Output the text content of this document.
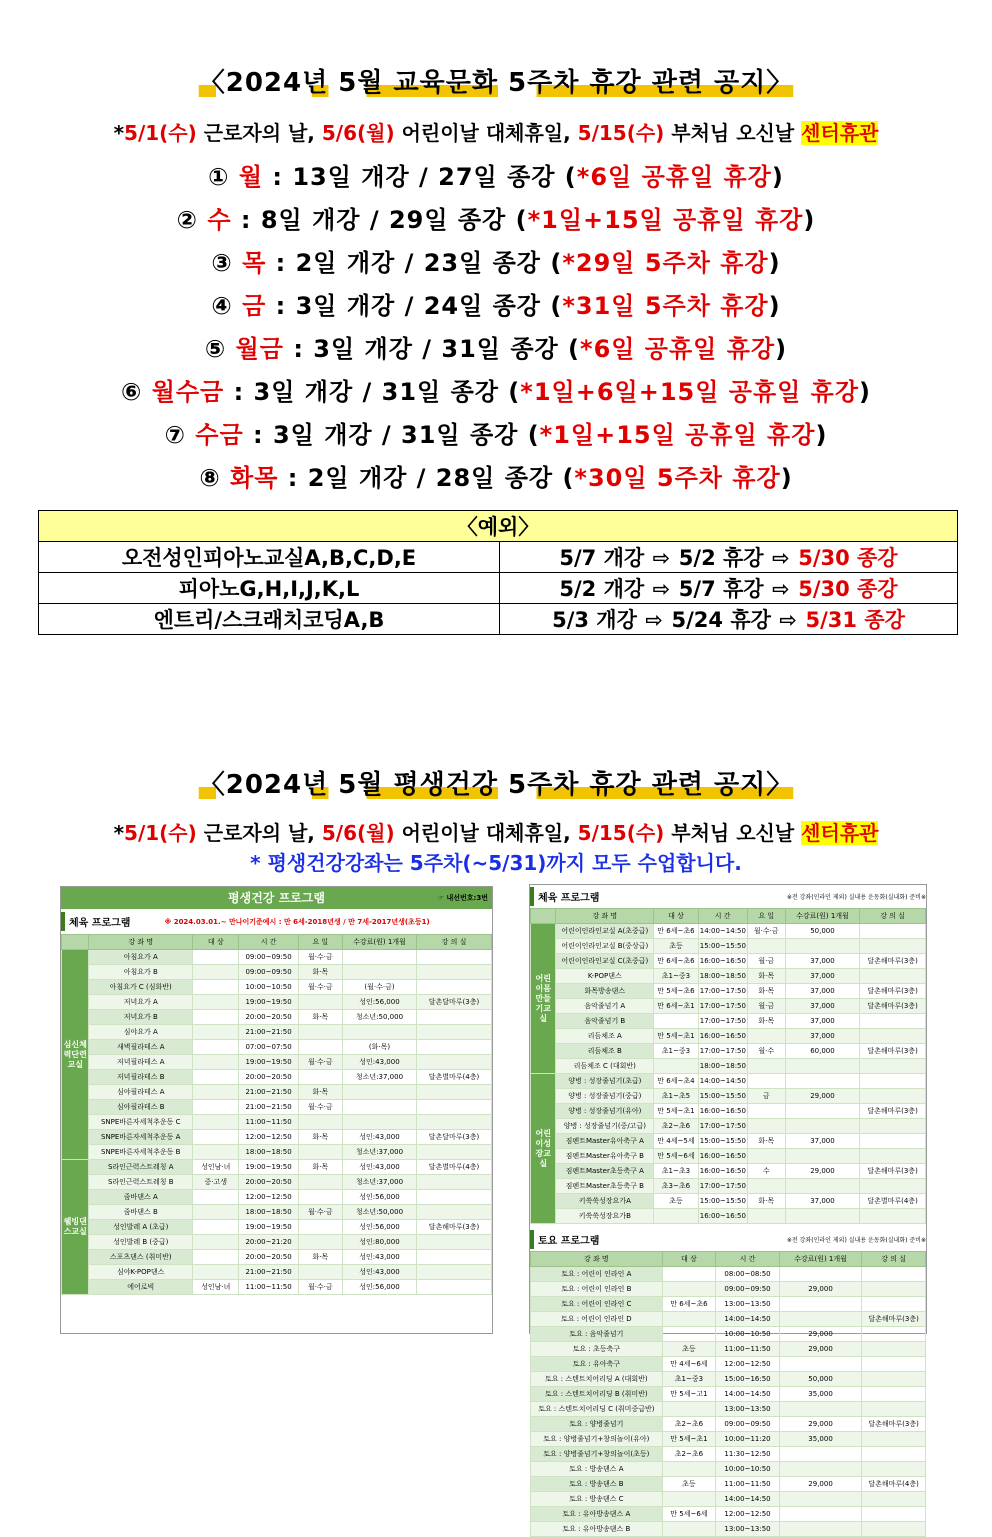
〈2024년 5월 교육문화 5주차 휴강 관련 공지〉
*5/1(수) 근로자의 날, 5/6(월) 어린이날 대체휴일, 5/15(수) 부처님 오신날 센터휴관
① 월 : 13일 개강 / 27일 종강 (*6일 공휴일 휴강)
② 수 : 8일 개강 / 29일 종강 (*1일+15일 공휴일 휴강)
③ 목 : 2일 개강 / 23일 종강 (*29일 5주차 휴강)
④ 금 : 3일 개강 / 24일 종강 (*31일 5주차 휴강)
⑤ 월금 : 3일 개강 / 31일 종강 (*6일 공휴일 휴강)
⑥ 월수금 : 3일 개강 / 31일 종강 (*1일+6일+15일 공휴일 휴강)
⑦ 수금 : 3일 개강 / 31일 종강 (*1일+15일 공휴일 휴강)
⑧ 화목 : 2일 개강 / 28일 종강 (*30일 5주차 휴강)
〈예외〉	
오전성인피아노교실A,B,C,D,E	5/7 개강 ⇨ 5/2 휴강 ⇨ 5/30 종강
피아노G,H,I,J,K,L	5/2 개강 ⇨ 5/7 휴강 ⇨ 5/30 종강
엔트리/스크래치코딩A,B	5/3 개강 ⇨ 5/24 휴강 ⇨ 5/31 종강
〈2024년 5월 평생건강 5주차 휴강 관련 공지〉
*5/1(수) 근로자의 날, 5/6(월) 어린이날 대체휴일, 5/15(수) 부처님 오신날 센터휴관
* 평생건강강좌는 5주차(~5/31)까지 모두 수업합니다.
평생건강 프로그램	☞ 내선번호:3번
체육 프로그램	※ 2024.03.01.~ 만나이기준예시 : 만 6세-2018년생 / 만 7세-2017년생(초등1)
	강 좌 명	대 상	시 간	요 일	수강료(원) 1개월	강 의 실
심신체력단련교실	아침요가 A		09:00~09:50	월·수·금		
	아침요가 B		09:00~09:50	화·목		
	아침요가 C (심화반)		10:00~10:50	월·수·금	(월·수·금)	
	저녁요가 A		19:00~19:50		성인:56,000	달촌달마루(3층)
	저녁요가 B		20:00~20:50	화·목	청소년:50,000	
	심야요가 A		21:00~21:50			
	새벽필라테스 A		07:00~07:50		(화·목)	
	저녁필라테스 A		19:00~19:50	월·수·금	성인:43,000	
	저녁필라테스 B		20:00~20:50		청소년:37,000	달촌별마루(4층)
	심야필라테스 A		21:00~21:50	화·목		
	심야필라테스 B		21:00~21:50	월·수·금		
	SNPE바른자세척추운동 C		11:00~11:50			
	SNPE바른자세척추운동 A		12:00~12:50	화·목	성인:43,000	달촌달마루(3층)
	SNPE바른자세척추운동 B		18:00~18:50		청소년:37,000	
웰빙댄스교실	S라인근력스트레칭 A	성인남·녀	19:00~19:50	화·목	성인:43,000	달촌별마루(4층)
	S라인근력스트레칭 B	중·고생	20:00~20:50		청소년:37,000	
	줌바댄스 A		12:00~12:50		성인:56,000	
	줌바댄스 B		18:00~18:50	월·수·금	청소년:50,000	
	성인발레 A (초급)		19:00~19:50		성인:56,000	달촌해마루(3층)
	성인발레 B (중급)		20:00~21:20		성인:80,000	
	스포츠댄스 (취미반)		20:00~20:50	화·목	성인:43,000	
	심야K-POP댄스		21:00~21:50		성인:43,000	
	에어로빅	성인남·녀	11:00~11:50	월·수·금	성인:56,000	
체육 프로그램	※전 강좌(인라인 제외) 실내용 운동화(실내화) 준비※
	강 좌 명	대 상	시 간	요 일	수강료(원) 1개월	강 의 실
어린이몸만들기교실	어린이인라인교실 A(초중급)	만 6세~초6	14:00~14:50	월·수·금	50,000	
	어린이인라인교실 B(중상급)	초등	15:00~15:50			
	어린이인라인교실 C(초중급)	만 6세~초6	16:00~16:50	월·금	37,000	달촌해마루(3층)
	K-POP댄스	초1~중3	18:00~18:50	화·목	37,000	
	화목방송댄스	만 5세~초6	17:00~17:50	화·목	37,000	달촌해마루(3층)
	음악줄넘기 A	만 6세~초1	17:00~17:50	월·금	37,000	달촌해마루(3층)
	음악줄넘기 B		17:00~17:50	화·목	37,000	
	리듬체조 A	만 5세~초1	16:00~16:50		37,000	
	리듬체조 B	초1~중3	17:00~17:50	월·수	60,000	달촌해마루(3층)
	리듬체조 C (대회반)		18:00~18:50			
어린이성장교실	양병 : 성장줄넘기(초급)	만 6세~초4	14:00~14:50			
	양병 : 성장줄넘기(중급)	초1~초5	15:00~15:50	금	29,000	
	양병 : 성장줄넘기(유아)	만 5세~초1	16:00~16:50			달촌해마루(3층)
	양병 : 성장줄넘기(중/고급)	초2~초6	17:00~17:50			
	짐펜트Master유아축구 A	만 4세~5세	15:00~15:50	화·목	37,000	
	짐펜트Master유아축구 B	만 5세~6세	16:00~16:50			
	짐펜트Master초등축구 A	초1~초3	16:00~16:50	수	29,000	달촌해마루(3층)
	짐펜트Master초등축구 B	초3~초6	17:00~17:50			
	키쑥쑥성장요가A	초등	15:00~15:50	화·목	37,000	달촌별마루(4층)
	키쑥쑥성장요가B		16:00~16:50			
토요 프로그램	※전 강좌(인라인 제외) 실내용 운동화(실내화) 준비※
강 좌 명	대 상	시 간	수강료(원) 1개월	강 의 실
토요 : 어린이 인라인 A		08:00~08:50		
토요 : 어린이 인라인 B		09:00~09:50	29,000	
토요 : 어린이 인라인 C	만 6세~초6	13:00~13:50		
토요 : 어린이 인라인 D		14:00~14:50		달촌해마루(3층)
토요 : 음악줄넘기		10:00~10:50	29,000	
토요 : 초등축구	초등	11:00~11:50	29,000	
토요 : 유아축구	만 4세~6세	12:00~12:50		
토요 : 스텐트치어리딩 A (대회반)	초1~중3	15:00~16:50	50,000	
토요 : 스텐트치어리딩 B (취미반)	만 5세~고1	14:00~14:50	35,000	
토요 : 스텐트치어리딩 C (취미중급반)		13:00~13:50		
토요 : 양병줄넘기	초2~초6	09:00~09:50	29,000	달촌해마루(3층)
토요 : 양병줄넘기+창의놀이(유아)	만 5세~초1	10:00~11:20	35,000	
토요 : 양병줄넘기+창의놀이(초등)	초2~초6	11:30~12:50		
토요 : 방송댄스 A		10:00~10:50		
토요 : 방송댄스 B	초등	11:00~11:50	29,000	달촌해마루(4층)
토요 : 방송댄스 C		14:00~14:50		
토요 : 유아방송댄스 A	만 5세~6세	12:00~12:50		
토요 : 유아방송댄스 B		13:00~13:50		
